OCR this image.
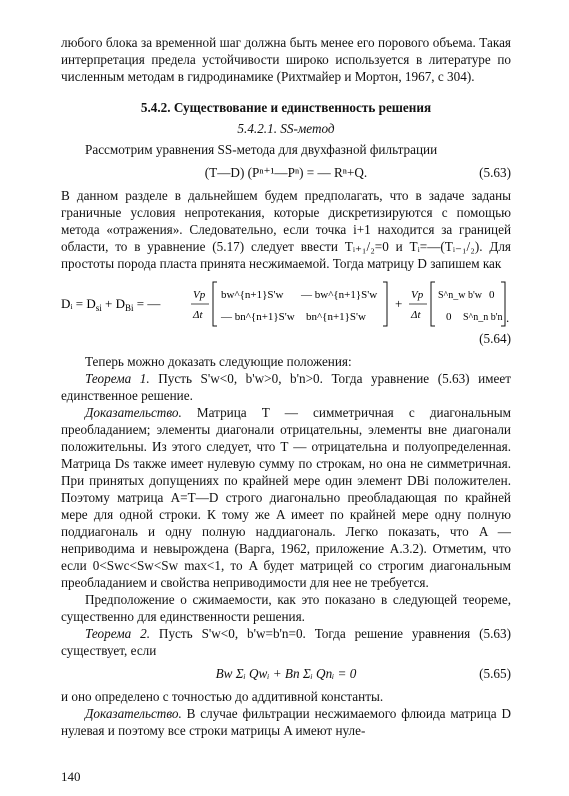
любого блока за временной шаг должна быть менее его порового объема. Такая интерпретация предела устойчивости широко используется в литературе по численным методам в гидродинамике (Рихтмайер и Мортон, 1967, с 304).

5.4.2. Существование и единственность решения
5.4.2.1. SS-метод

Рассмотрим уравнения SS-метода для двухфазной фильтрации

(T—D) (Pⁿ⁺¹—Pⁿ) = — Rⁿ+Q.	(5.63)

В данном разделе в дальнейшем будем предполагать, что в задаче заданы граничные условия непротекания, которые дискретизируются с помощью метода «отражения». Следовательно, если точка i+1 находится за границей области, то в уравнение (5.17) следует ввести Tᵢ₊₁/₂=0 и Tᵢ=—(Tᵢ₋₁/₂). Для простоты порода пласта принята несжимаемой. Тогда матрицу D запишем как

Dᵢ = $D_{si} + D_{Bi}$ = —
Vp
Δt
bw^{n+1}S'w — bw^{n+1}S'w
— bn^{n+1}S'w bn^{n+1}S'w
+
Vp
Δt
S^n_w b'w 0
0 S^n_n b'n .
(5.64)

Теперь можно доказать следующие положения:

Теорема 1. Пусть S'w<0, b'w>0, b'n>0. Тогда уравнение (5.63) имеет единственное решение.

Доказательство. Матрица T — симметричная с диагональным преобладанием; элементы диагонали отрицательны, элементы вне диагонали положительны. Из этого следует, что T — отрицательна и полуопределенная. Матрица Ds также имеет нулевую сумму по строкам, но она не симметричная. При принятых допущениях по крайней мере один элемент DBi положителен. Поэтому матрица A=T—D строго диагонально преобладающая по крайней мере для одной строки. К тому же A имеет по крайней мере одну полную поддиагональ и одну полную наддиагональ. Легко показать, что A — неприводима и невырождена (Варга, 1962, приложение А.3.2). Отметим, что если 0<Swc<Sw<Sw max<1, то A будет матрицей со строгим диагональным преобладанием и свойства неприводимости для нее не требуется.

Предположение о сжимаемости, как это показано в следующей теореме, существенно для единственности решения.

Теорема 2. Пусть S'w<0, b'w=b'n=0. Тогда решение уравнения (5.63) существует, если

Bw Σᵢ Qwᵢ + Bn Σᵢ Qnᵢ = 0	(5.65)

и оно определено с точностью до аддитивной константы.

Доказательство. В случае фильтрации несжимаемого флюида матрица D нулевая и поэтому все строки матрицы A имеют нуле-

140
